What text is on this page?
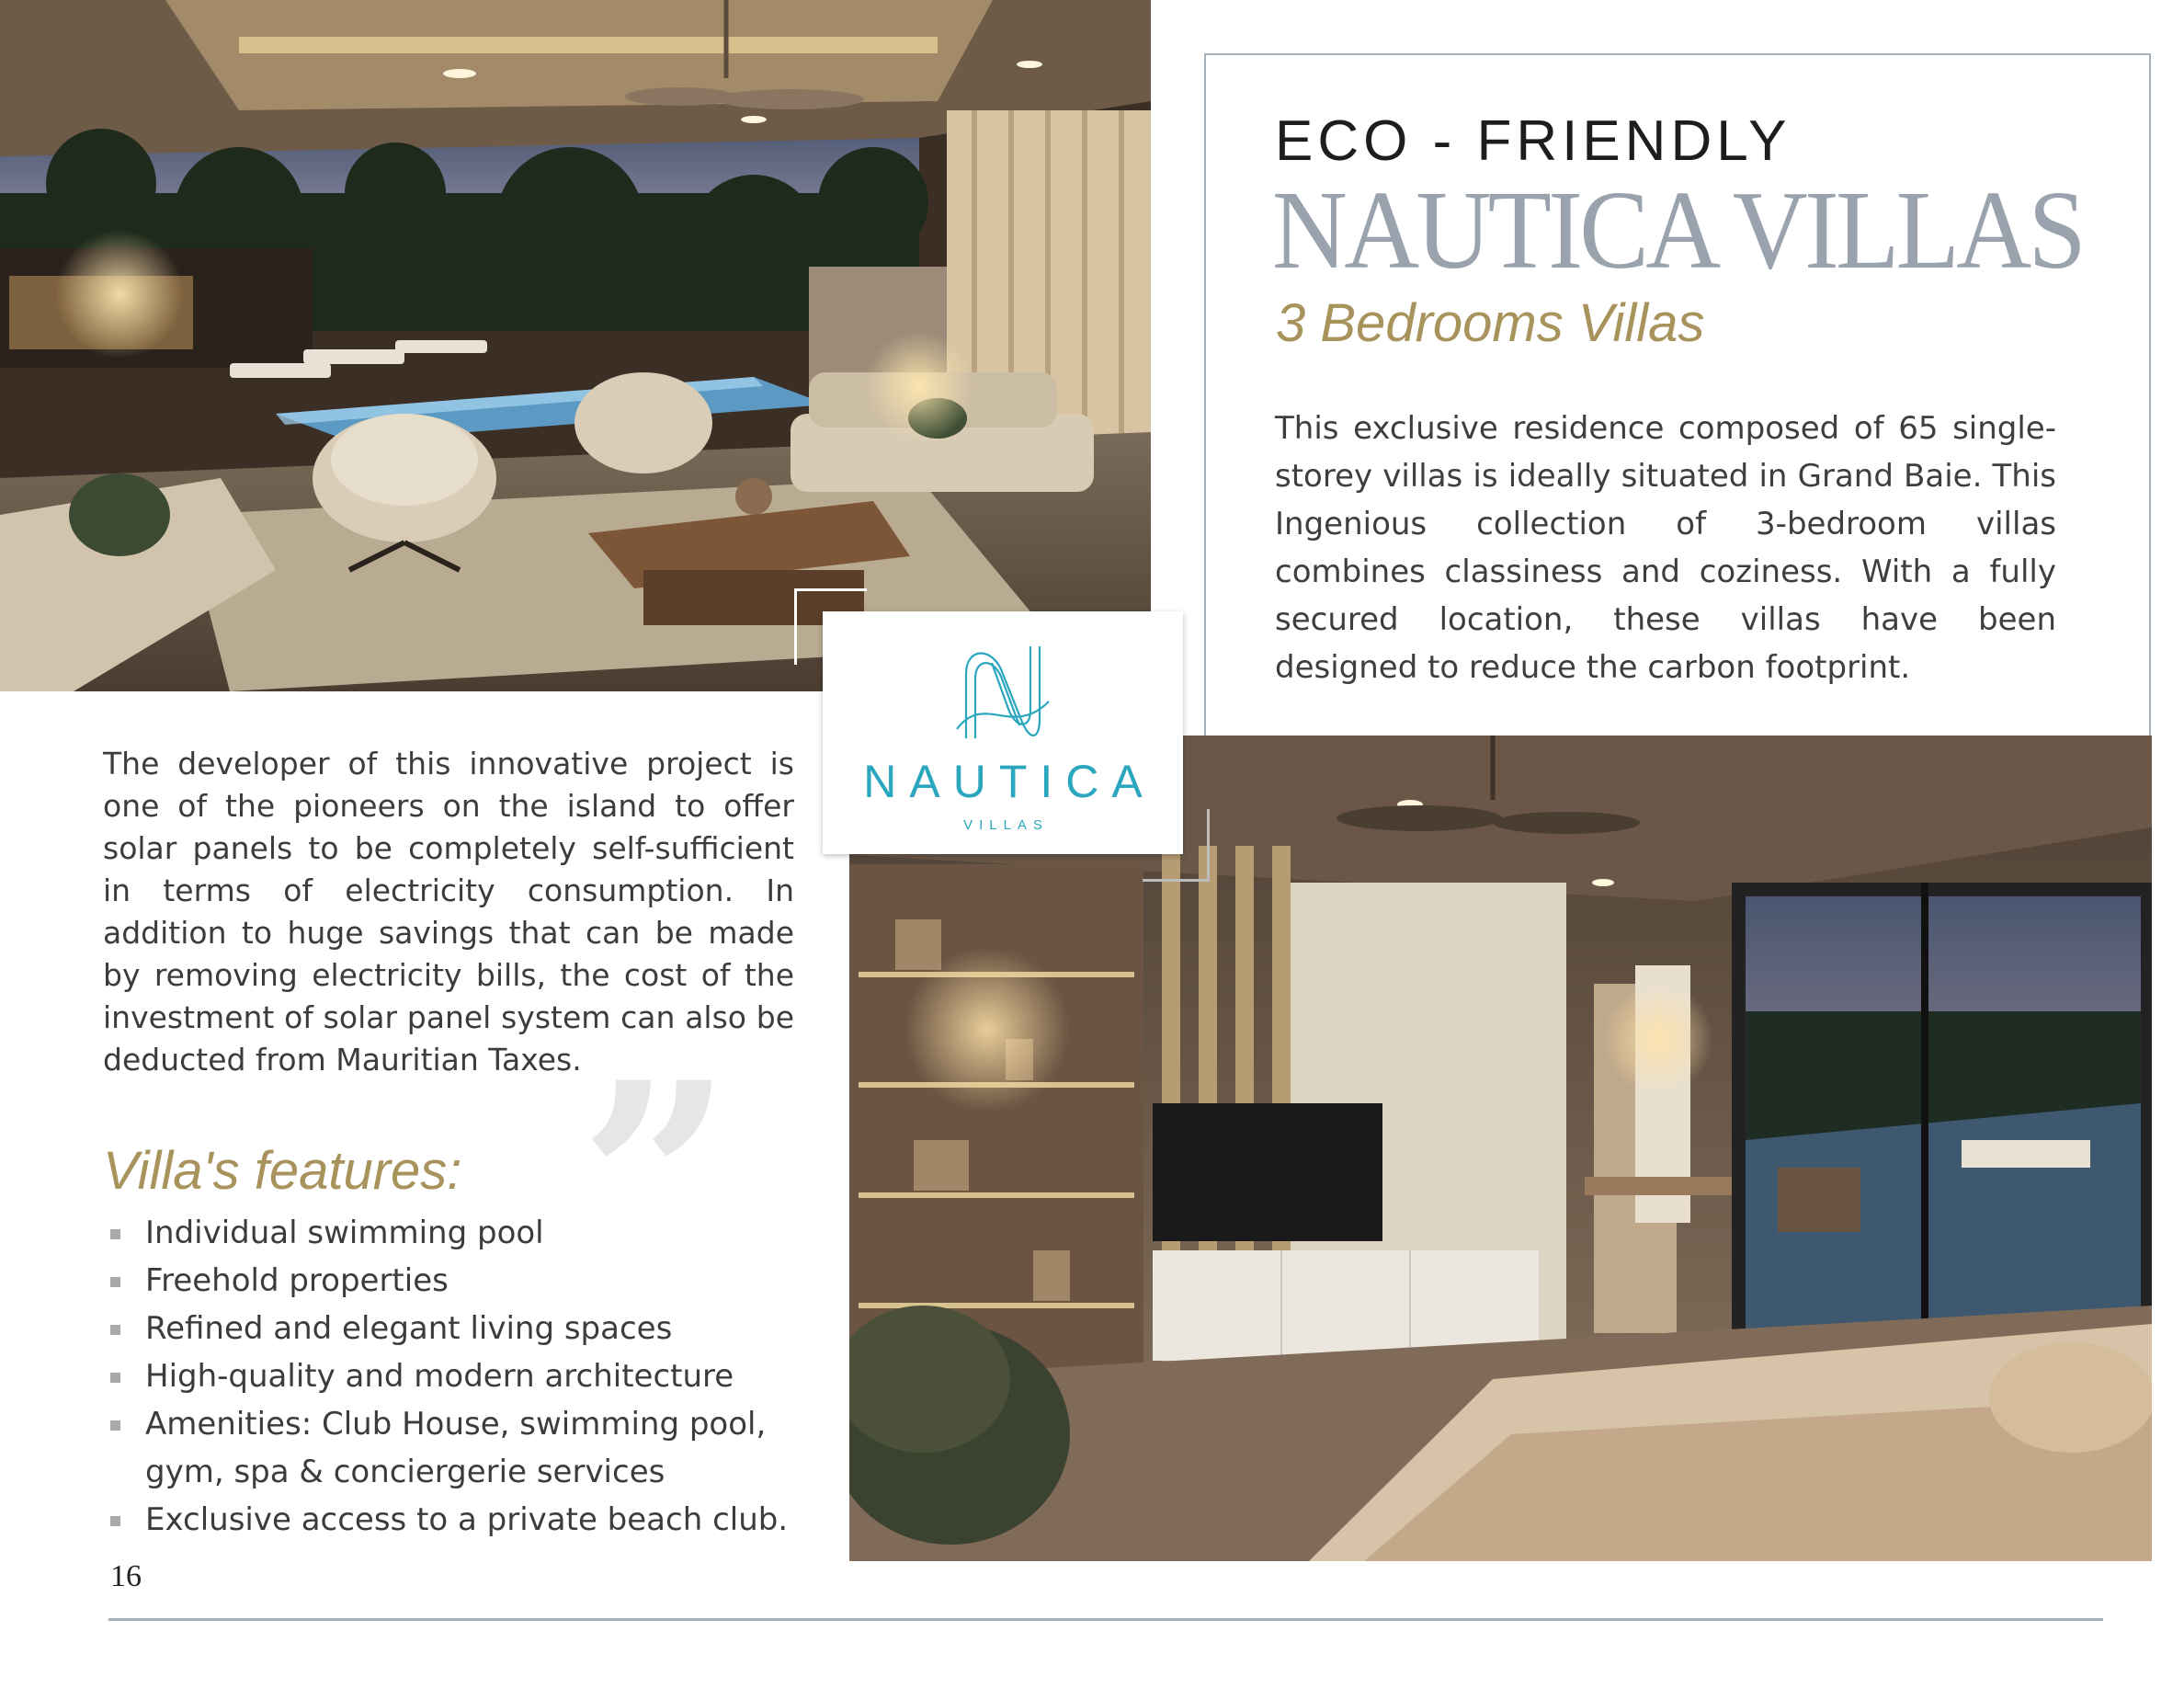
ECO - FRIENDLY
NAUTICA VILLAS
3 Bedrooms Villas
This exclusive residence composed of 65 single-storey villas is ideally situated in Grand Baie. This Ingenious collection of 3-bedroom villas combines classiness and coziness. With a fully secured location, these villas have been designed to reduce the carbon footprint.
NAUTICA
VILLAS
The developer of this innovative project is one of the pioneers on the island to offer solar panels to be completely self-sufficient in terms of electricity consumption. In addition to huge savings that can be made by removing electricity bills, the cost of the investment of solar panel system can also be deducted from Mauritian Taxes.
”
Villa's features:
Individual swimming pool
Freehold properties
Refined and elegant living spaces
High-quality and modern architecture
Amenities: Club House, swimming pool, gym, spa & conciergerie services
Exclusive access to a private beach club.
16
